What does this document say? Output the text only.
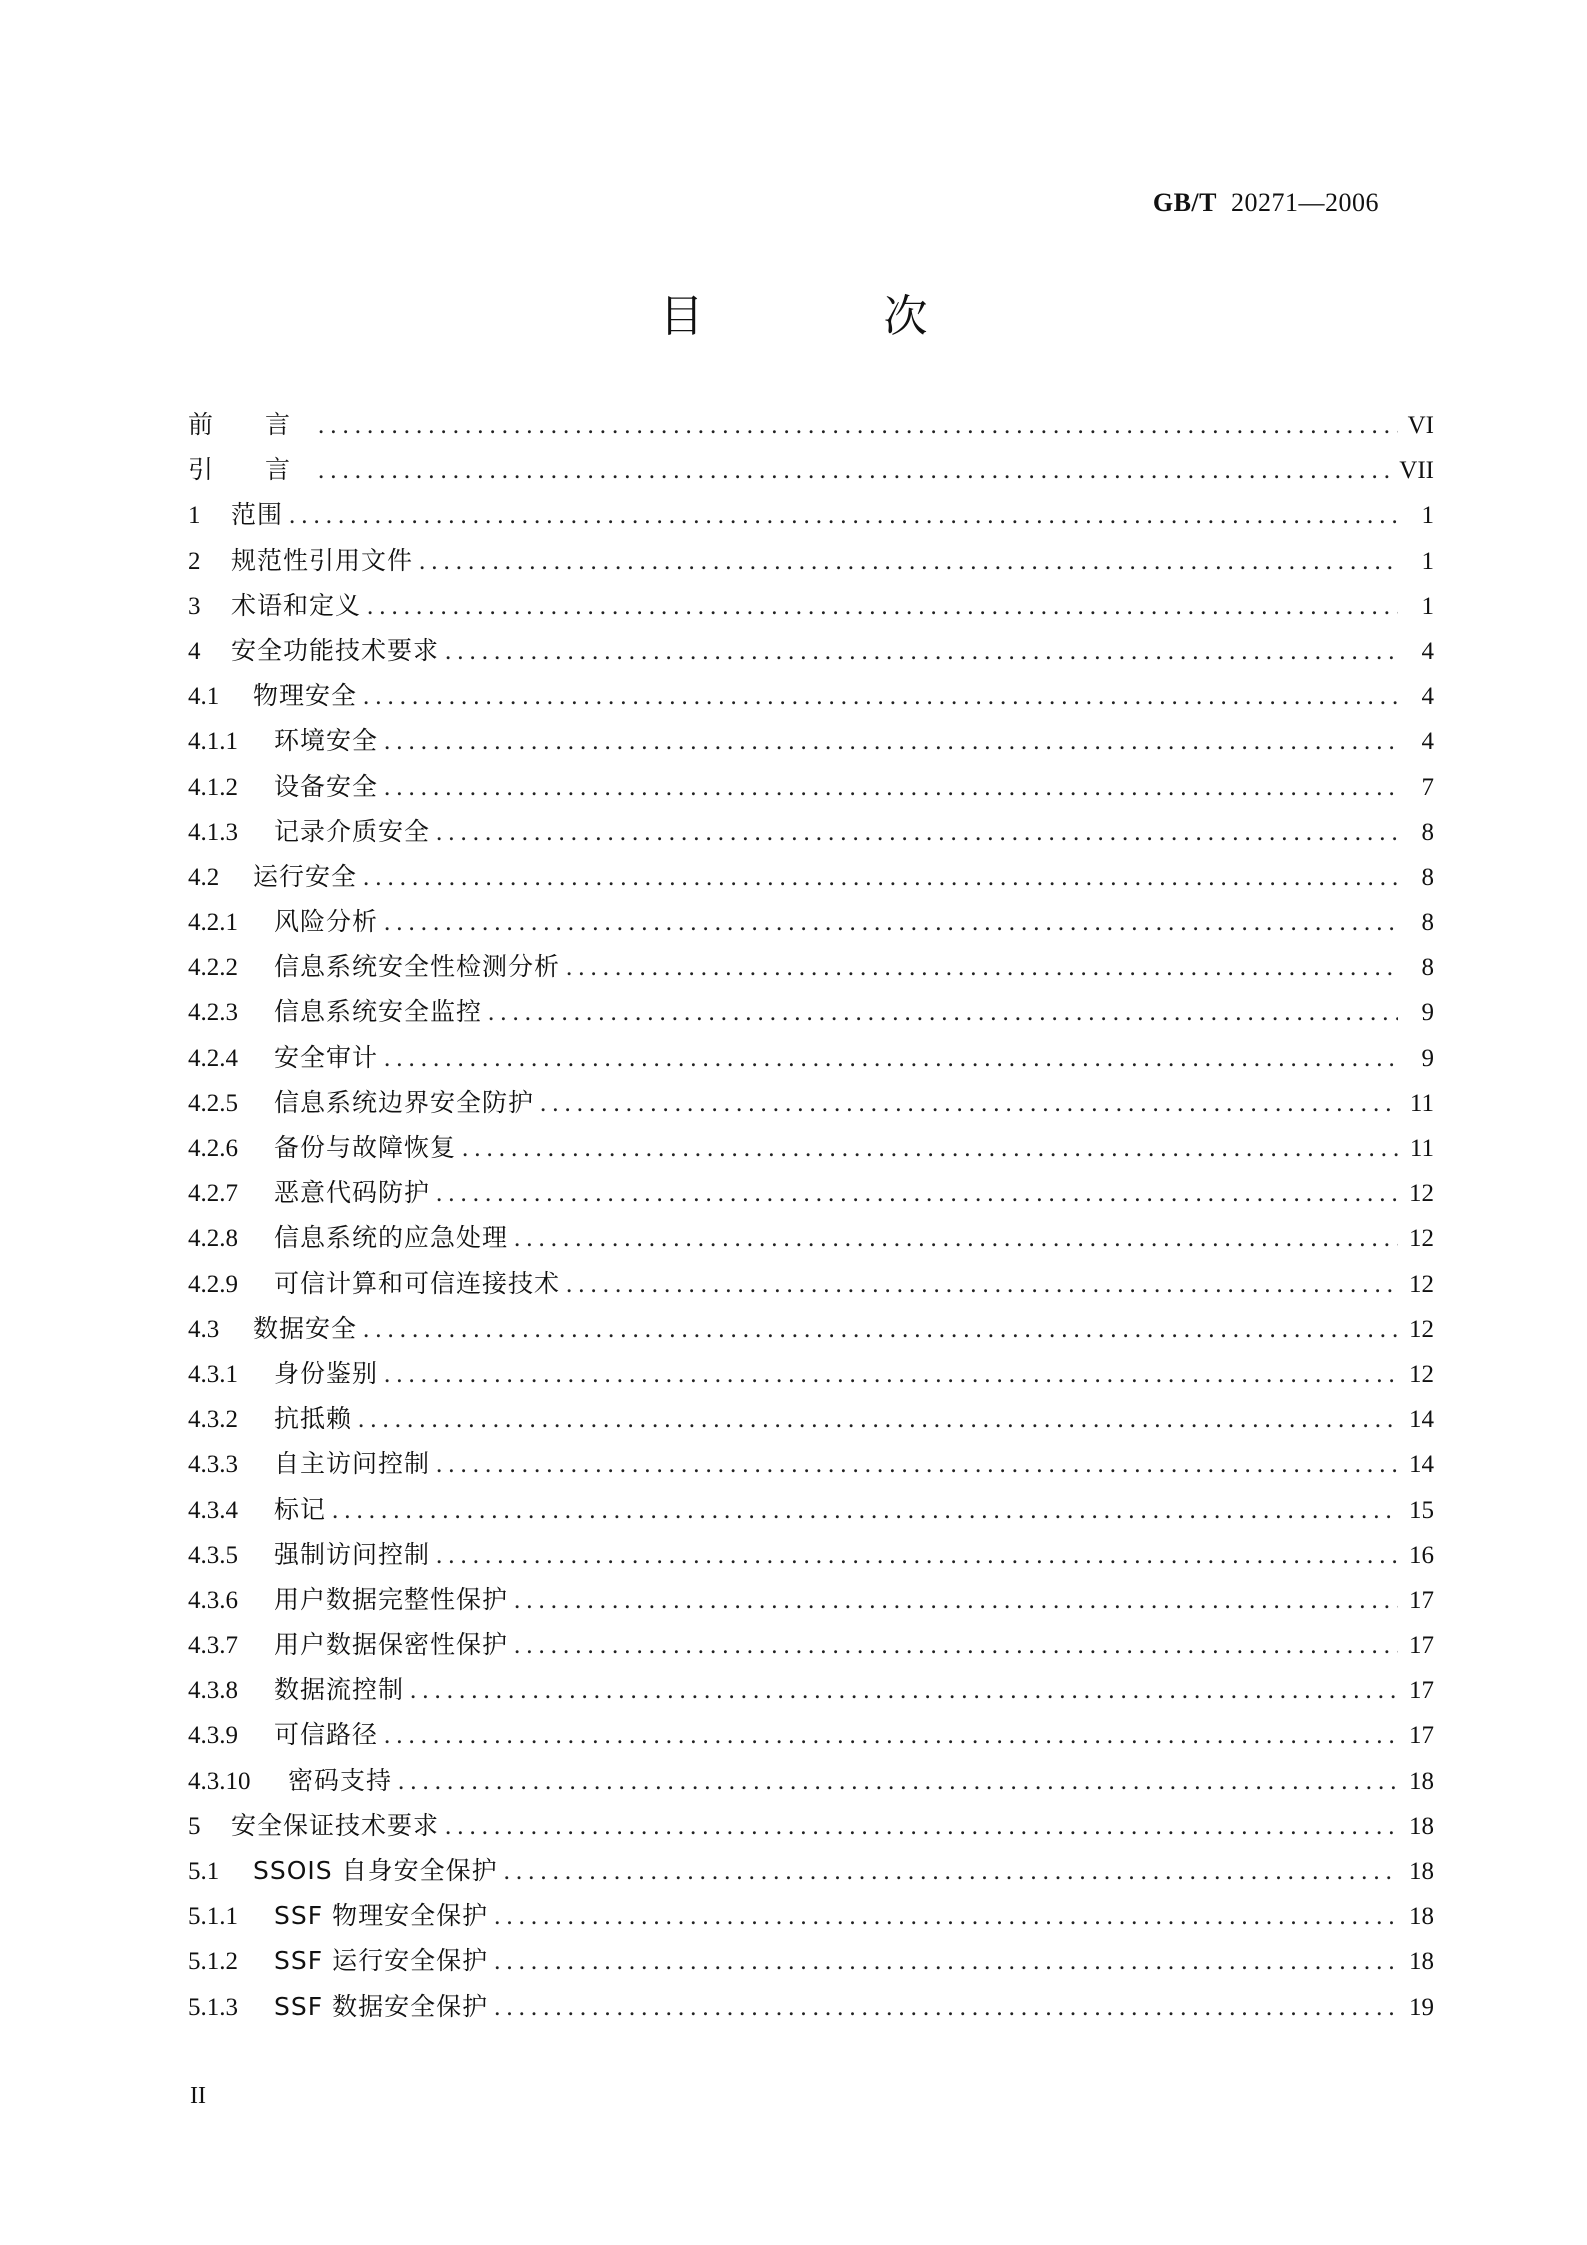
GB/T 20271—2006
目	次
前 言 .....	VI
引 言 .....	VII
1	范围 .....	1
2	规范性引用文件 .....	1
3	术语和定义 .....	1
4	安全功能技术要求 .....	4
4.1	物理安全 .....	4
4.1.1	环境安全 .....	4
4.1.2	设备安全 .....	7
4.1.3	记录介质安全 .....	8
4.2	运行安全 .....	8
4.2.1	风险分析 .....	8
4.2.2	信息系统安全性检测分析 .....	8
4.2.3	信息系统安全监控 .....	9
4.2.4	安全审计 .....	9
4.2.5	信息系统边界安全防护 .....	11
4.2.6	备份与故障恢复 .....	11
4.2.7	恶意代码防护 .....	12
4.2.8	信息系统的应急处理 .....	12
4.2.9	可信计算和可信连接技术 .....	12
4.3	数据安全 .....	12
4.3.1	身份鉴别 .....	12
4.3.2	抗抵赖 .....	14
4.3.3	自主访问控制 .....	14
4.3.4	标记 .....	15
4.3.5	强制访问控制 .....	16
4.3.6	用户数据完整性保护 .....	17
4.3.7	用户数据保密性保护 .....	17
4.3.8	数据流控制 .....	17
4.3.9	可信路径 .....	17
4.3.10	密码支持 .....	18
5	安全保证技术要求 .....	18
5.1	SSOIS 自身安全保护 .....	18
5.1.1	SSF 物理安全保护 .....	18
5.1.2	SSF 运行安全保护 .....	18
5.1.3	SSF 数据安全保护 .....	19
II
